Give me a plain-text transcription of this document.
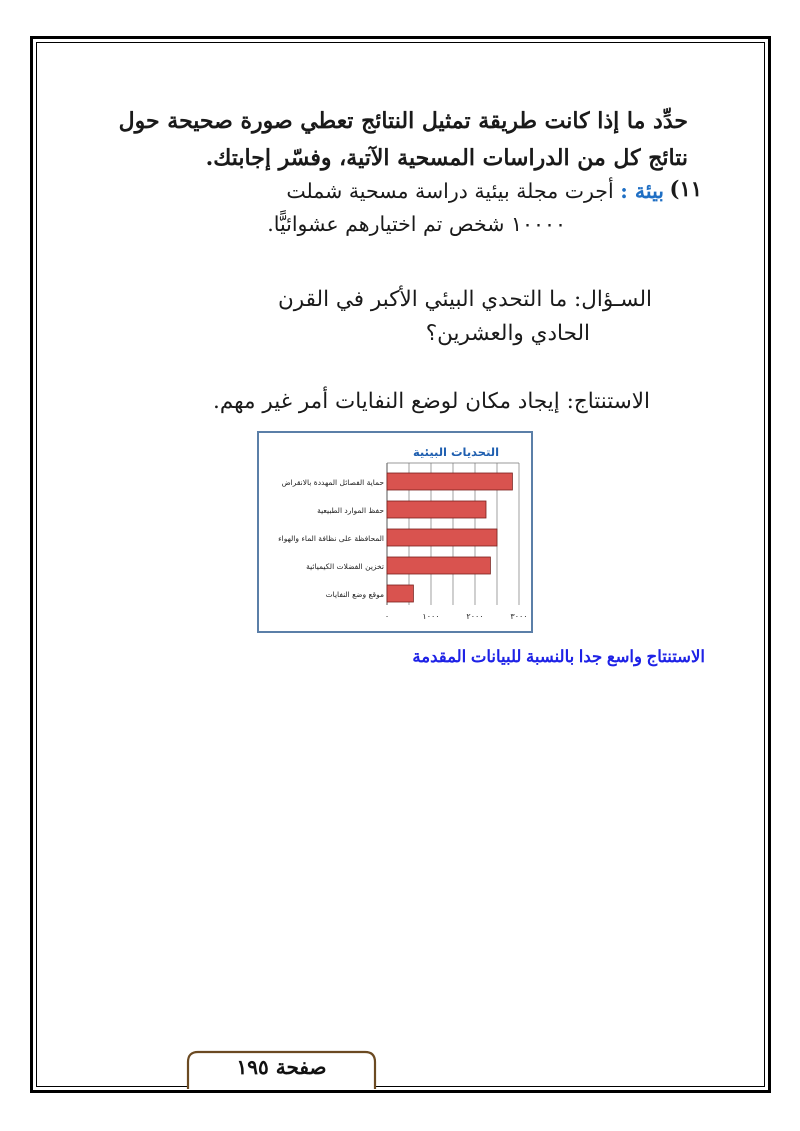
حدِّد ما إذا كانت طريقة تمثيل النتائج تعطي صورة صحيحة حول نتائج كل من الدراسات المسحية الآتية، وفسّر إجابتك.
١١)
بيئة : أجرت مجلة بيئية دراسة مسحية شملت
١٠٠٠٠ شخص تم اختيارهم عشوائيًّا.
السـؤال: ما التحدي البيئي الأكبر في القرن
الحادي والعشرين؟
الاستنتاج: إيجاد مكان لوضع النفايات أمر غير مهم.
حماية الفصائل المهددة بالانقراض
حفظ الموارد الطبيعية
المحافظة على نظافة الماء والهواء
تخزين الفضلات الكيميائية
موقع وضع النفايات
٠	١٠٠٠	٢٠٠٠	٣٠٠٠
التحديات البيئية
الاستنتاج واسع جدا بالنسبة للبيانات المقدمة
صفحة ١٩٥
